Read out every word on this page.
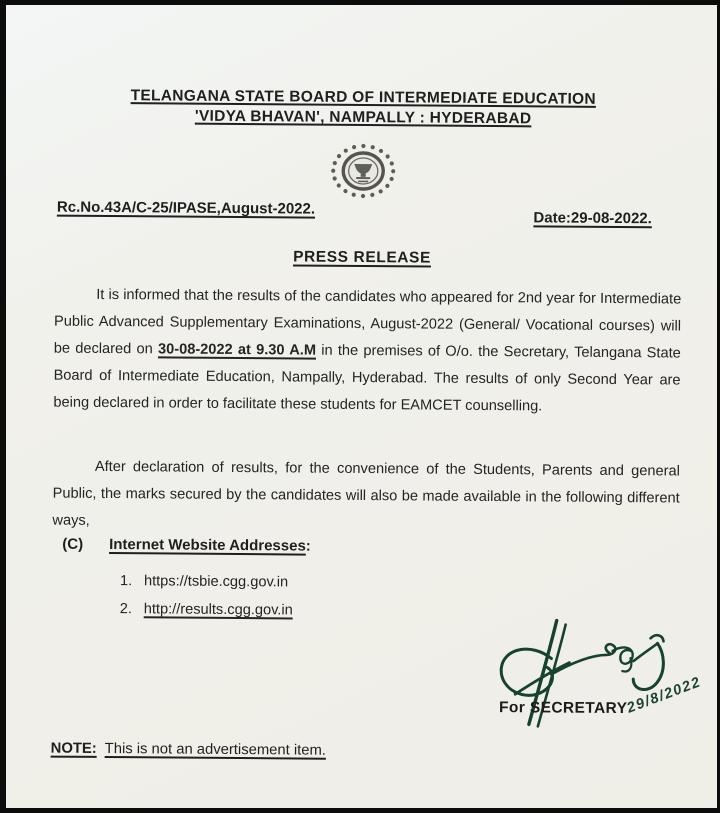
TELANGANA STATE BOARD OF INTERMEDIATE EDUCATION
'VIDYA BHAVAN', NAMPALLY : HYDERABAD
Rc.No.43A/C-25/IPASE,August-2022.
Date:29-08-2022.
PRESS RELEASE

It is informed that the results of the candidates who appeared for 2nd year for Intermediate Public Advanced Supplementary Examinations, August-2022 (General/ Vocational courses) will be declared on 30-08-2022 at 9.30 A.M in the premises of O/o. the Secretary, Telangana State Board of Intermediate Education, Nampally, Hyderabad. The results of only Second Year are being declared in order to facilitate these students for EAMCET counselling.

After declaration of results, for the convenience of the Students, Parents and general Public, the marks secured by the candidates will also be made available in the following different ways,

(C) Internet Website Addresses:
1. https://tsbie.cgg.gov.in
2. http://results.cgg.gov.in
For SECRETARY
29/8/2022
NOTE: This is not an advertisement item.
